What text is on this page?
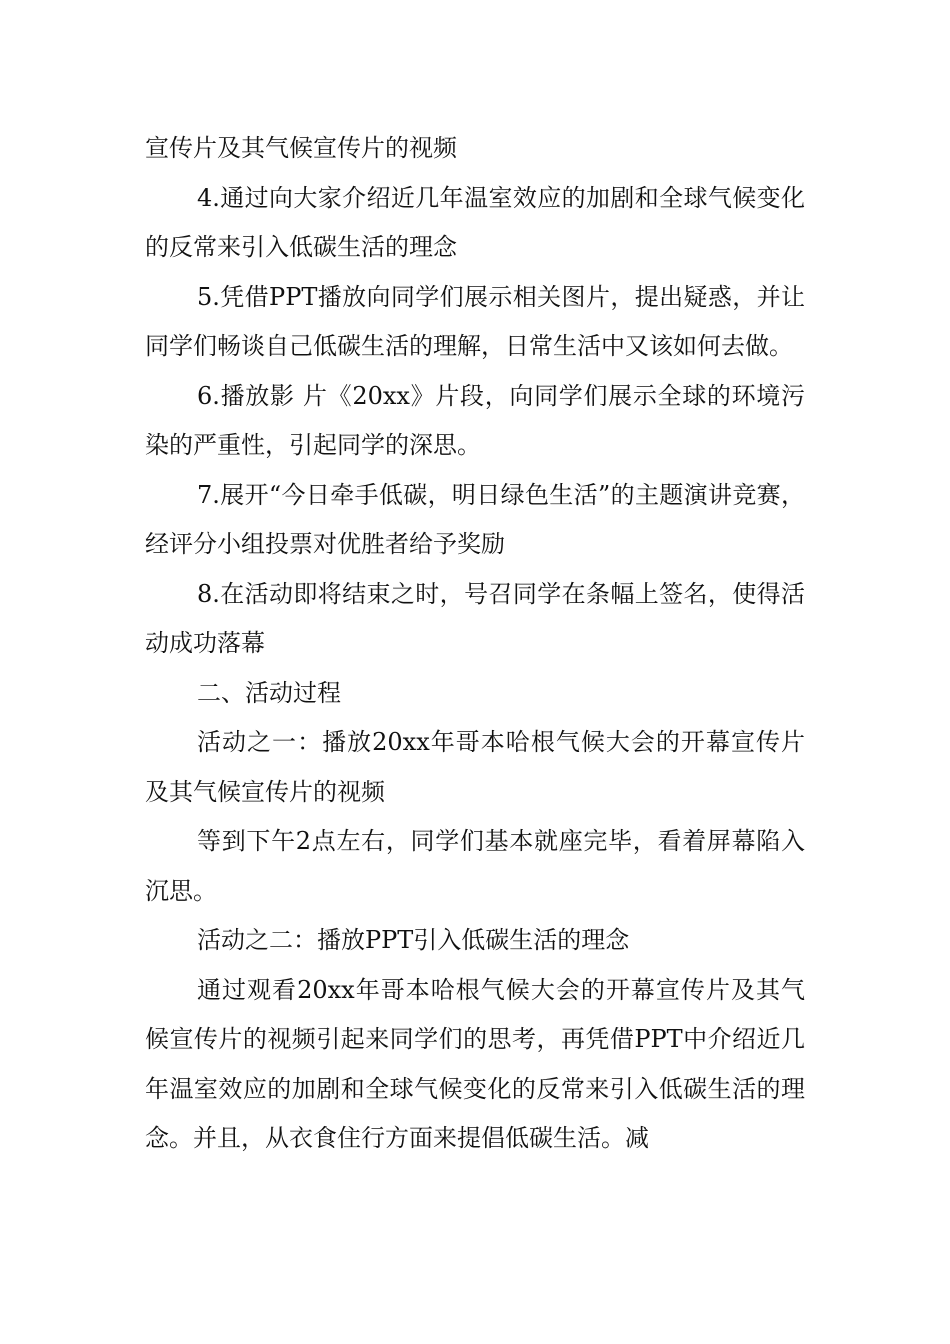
宣传片及其气候宣传片的视频

4.通过向大家介绍近几年温室效应的加剧和全球气候变化的反常来引入低碳生活的理念

5.凭借PPT播放向同学们展示相关图片，提出疑惑，并让同学们畅谈自己低碳生活的理解，日常生活中又该如何去做。

6.播放影 片《20xx》片段，向同学们展示全球的环境污染的严重性，引起同学的深思。

7.展开“今日牵手低碳，明日绿色生活”的主题演讲竞赛，经评分小组投票对优胜者给予奖励

8.在活动即将结束之时，号召同学在条幅上签名，使得活动成功落幕

二、活动过程

活动之一：播放20xx年哥本哈根气候大会的开幕宣传片及其气候宣传片的视频

等到下午2点左右，同学们基本就座完毕，看着屏幕陷入沉思。

活动之二：播放PPT引入低碳生活的理念

通过观看20xx年哥本哈根气候大会的开幕宣传片及其气候宣传片的视频引起来同学们的思考，再凭借PPT中介绍近几年温室效应的加剧和全球气候变化的反常来引入低碳生活的理念。并且，从衣食住行方面来提倡低碳生活。减
